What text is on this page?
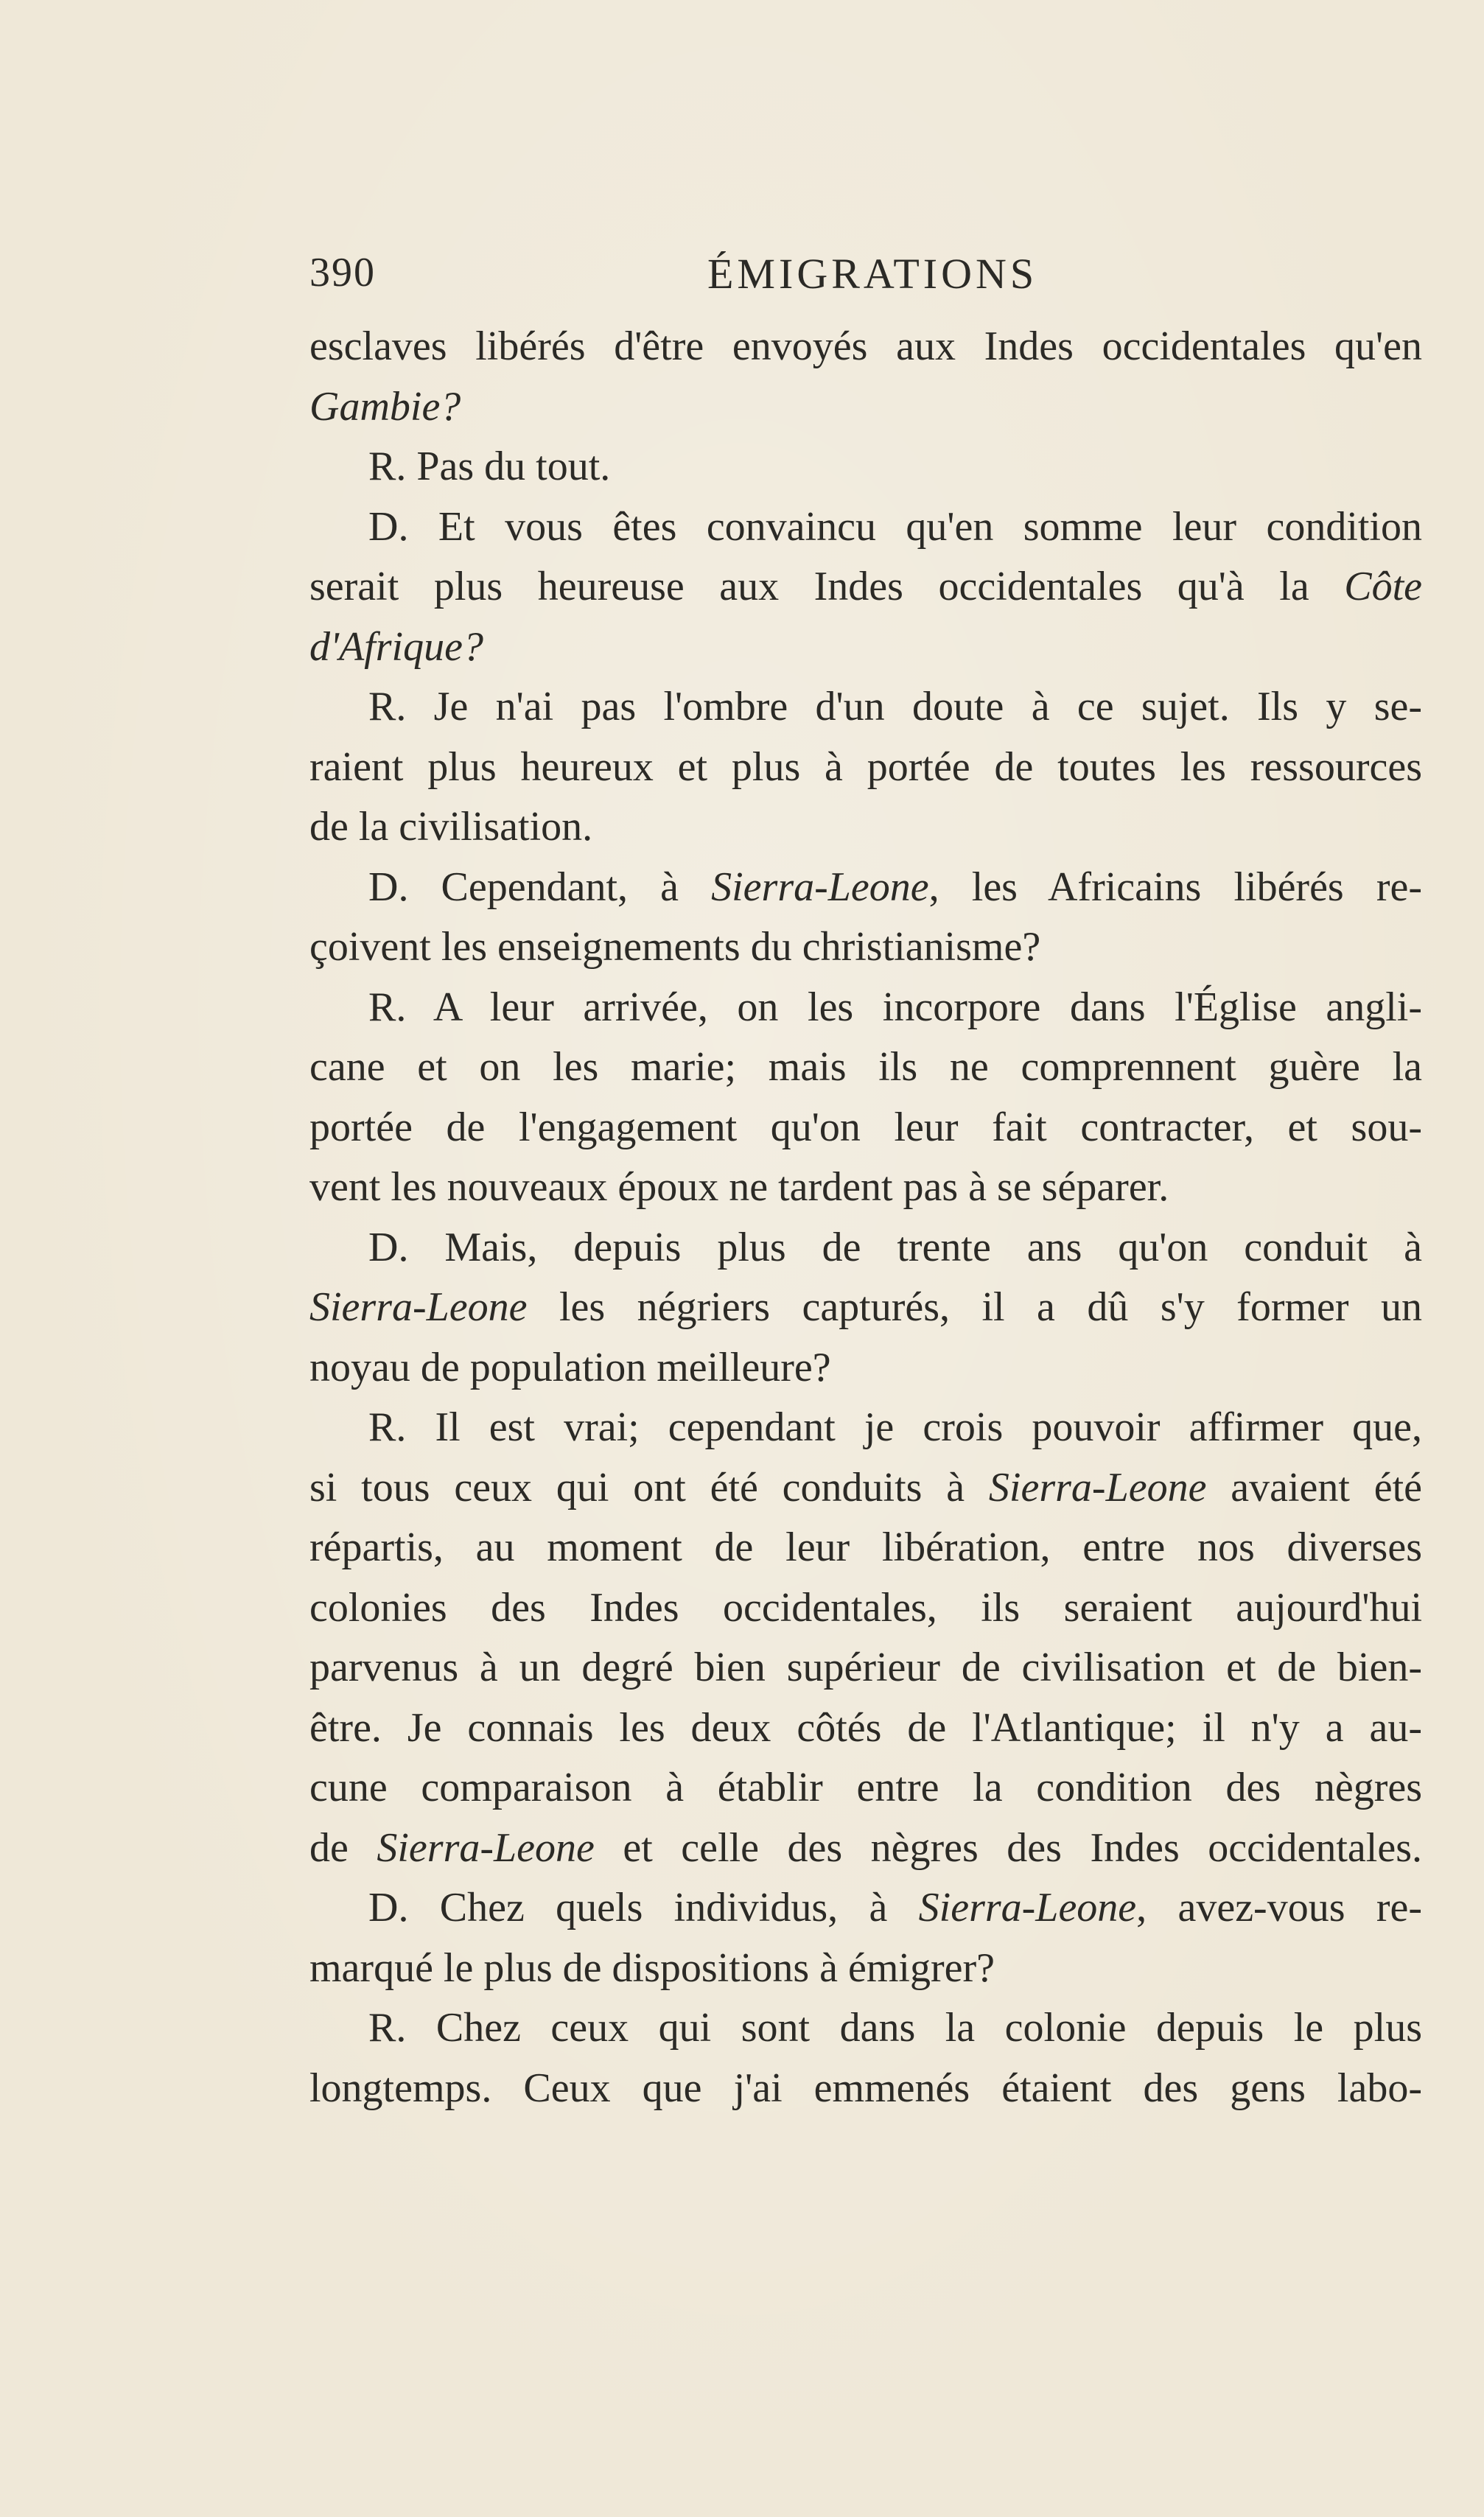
390	ÉMIGRATIONS
esclaves libérés d'être envoyés aux Indes occidentales qu'en
Gambie?
R. Pas du tout.
D. Et vous êtes convaincu qu'en somme leur condition
serait plus heureuse aux Indes occidentales qu'à la Côte
d'Afrique?
R. Je n'ai pas l'ombre d'un doute à ce sujet. Ils y se-
raient plus heureux et plus à portée de toutes les ressources
de la civilisation.
D. Cependant, à Sierra-Leone, les Africains libérés re-
çoivent les enseignements du christianisme?
R. A leur arrivée, on les incorpore dans l'Église angli-
cane et on les marie; mais ils ne comprennent guère la
portée de l'engagement qu'on leur fait contracter, et sou-
vent les nouveaux époux ne tardent pas à se séparer.
D. Mais, depuis plus de trente ans qu'on conduit à
Sierra-Leone les négriers capturés, il a dû s'y former un
noyau de population meilleure?
R. Il est vrai; cependant je crois pouvoir affirmer que,
si tous ceux qui ont été conduits à Sierra-Leone avaient été
répartis, au moment de leur libération, entre nos diverses
colonies des Indes occidentales, ils seraient aujourd'hui
parvenus à un degré bien supérieur de civilisation et de bien-
être. Je connais les deux côtés de l'Atlantique; il n'y a au-
cune comparaison à établir entre la condition des nègres
de Sierra-Leone et celle des nègres des Indes occidentales.
D. Chez quels individus, à Sierra-Leone, avez-vous re-
marqué le plus de dispositions à émigrer?
R. Chez ceux qui sont dans la colonie depuis le plus
longtemps. Ceux que j'ai emmenés étaient des gens labo-
